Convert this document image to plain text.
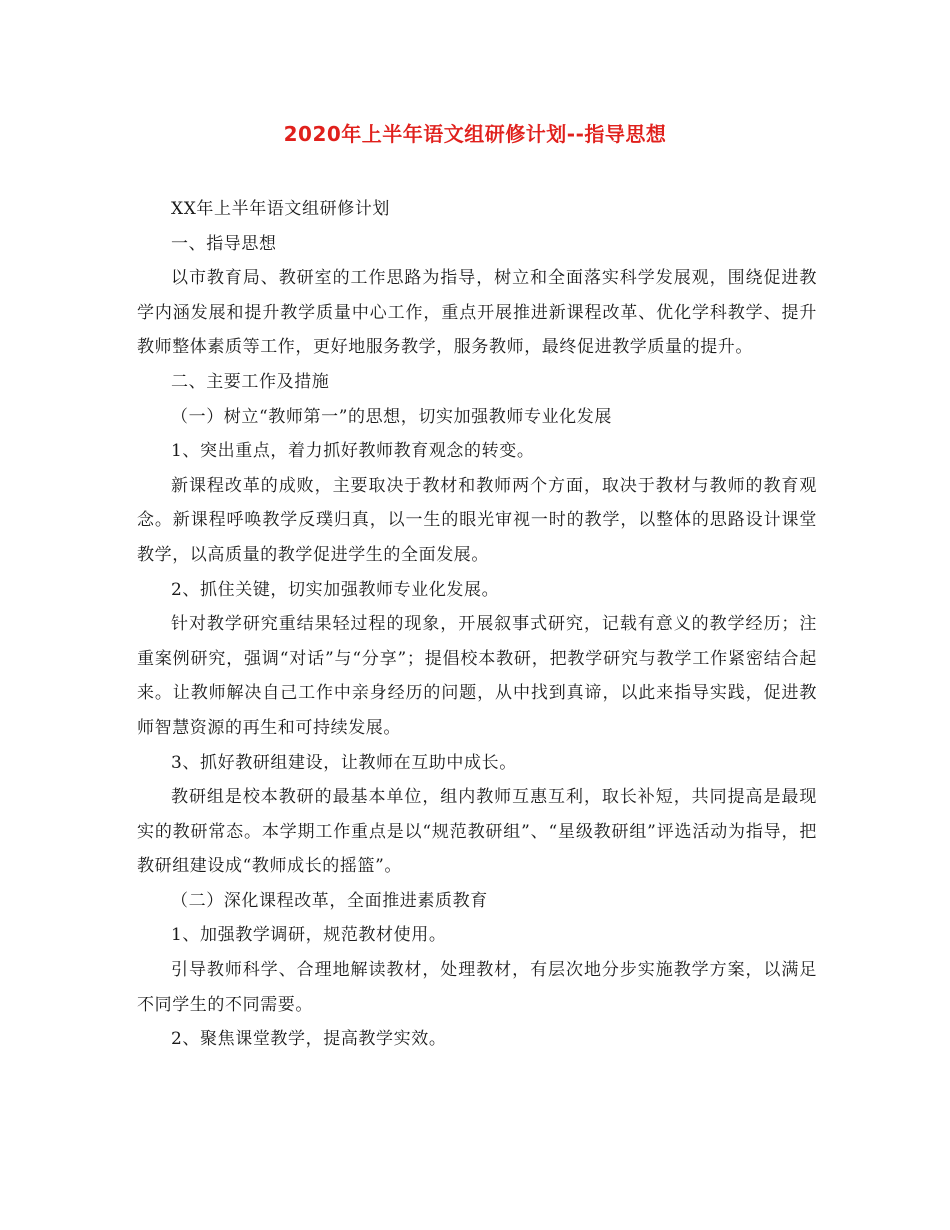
2020年上半年语文组研修计划--指导思想

XX年上半年语文组研修计划

一、指导思想

以市教育局、教研室的工作思路为指导，树立和全面落实科学发展观，围绕促进教学内涵发展和提升教学质量中心工作，重点开展推进新课程改革、优化学科教学、提升教师整体素质等工作，更好地服务教学，服务教师，最终促进教学质量的提升。

二、主要工作及措施

（一）树立“教师第一”的思想，切实加强教师专业化发展

1、突出重点，着力抓好教师教育观念的转变。

新课程改革的成败，主要取决于教材和教师两个方面，取决于教材与教师的教育观念。新课程呼唤教学反璞归真，以一生的眼光审视一时的教学，以整体的思路设计课堂教学，以高质量的教学促进学生的全面发展。

2、抓住关键，切实加强教师专业化发展。

针对教学研究重结果轻过程的现象，开展叙事式研究，记载有意义的教学经历；注重案例研究，强调“对话”与“分享”；提倡校本教研，把教学研究与教学工作紧密结合起来。让教师解决自己工作中亲身经历的问题，从中找到真谛，以此来指导实践，促进教师智慧资源的再生和可持续发展。

3、抓好教研组建设，让教师在互助中成长。

教研组是校本教研的最基本单位，组内教师互惠互利，取长补短，共同提高是最现实的教研常态。本学期工作重点是以“规范教研组”、“星级教研组”评选活动为指导，把教研组建设成“教师成长的摇篮”。

（二）深化课程改革，全面推进素质教育

1、加强教学调研，规范教材使用。

引导教师科学、合理地解读教材，处理教材，有层次地分步实施教学方案，以满足不同学生的不同需要。

2、聚焦课堂教学，提高教学实效。
